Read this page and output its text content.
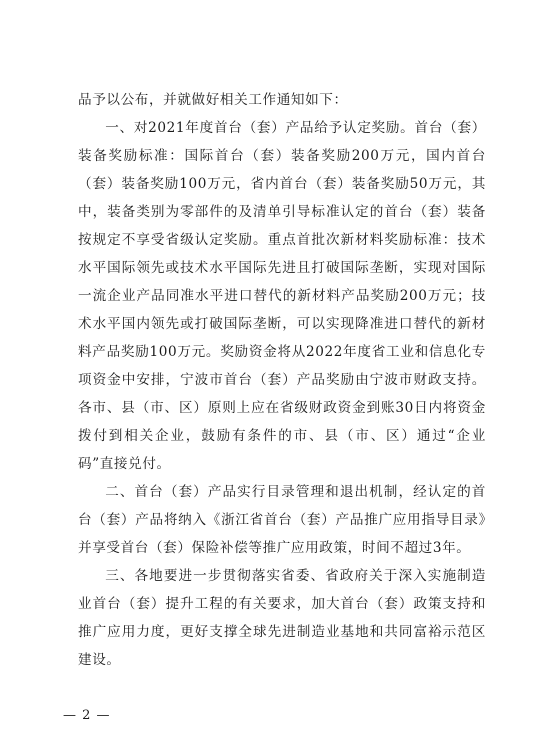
品予以公布，并就做好相关工作通知如下：

一、对2021年度首台（套）产品给予认定奖励。首台（套）装备奖励标准：国际首台（套）装备奖励200万元，国内首台（套）装备奖励100万元，省内首台（套）装备奖励50万元，其中，装备类别为零部件的及清单引导标准认定的首台（套）装备按规定不享受省级认定奖励。重点首批次新材料奖励标准：技术水平国际领先或技术水平国际先进且打破国际垄断，实现对国际一流企业产品同准水平进口替代的新材料产品奖励200万元；技术水平国内领先或打破国际垄断，可以实现降准进口替代的新材料产品奖励100万元。奖励资金将从2022年度省工业和信息化专项资金中安排，宁波市首台（套）产品奖励由宁波市财政支持。各市、县（市、区）原则上应在省级财政资金到账30日内将资金拨付到相关企业，鼓励有条件的市、县（市、区）通过“企业码”直接兑付。

二、首台（套）产品实行目录管理和退出机制，经认定的首台（套）产品将纳入《浙江省首台（套）产品推广应用指导目录》并享受首台（套）保险补偿等推广应用政策，时间不超过3年。

三、各地要进一步贯彻落实省委、省政府关于深入实施制造业首台（套）提升工程的有关要求，加大首台（套）政策支持和推广应用力度，更好支撑全球先进制造业基地和共同富裕示范区建设。

— 2 —
